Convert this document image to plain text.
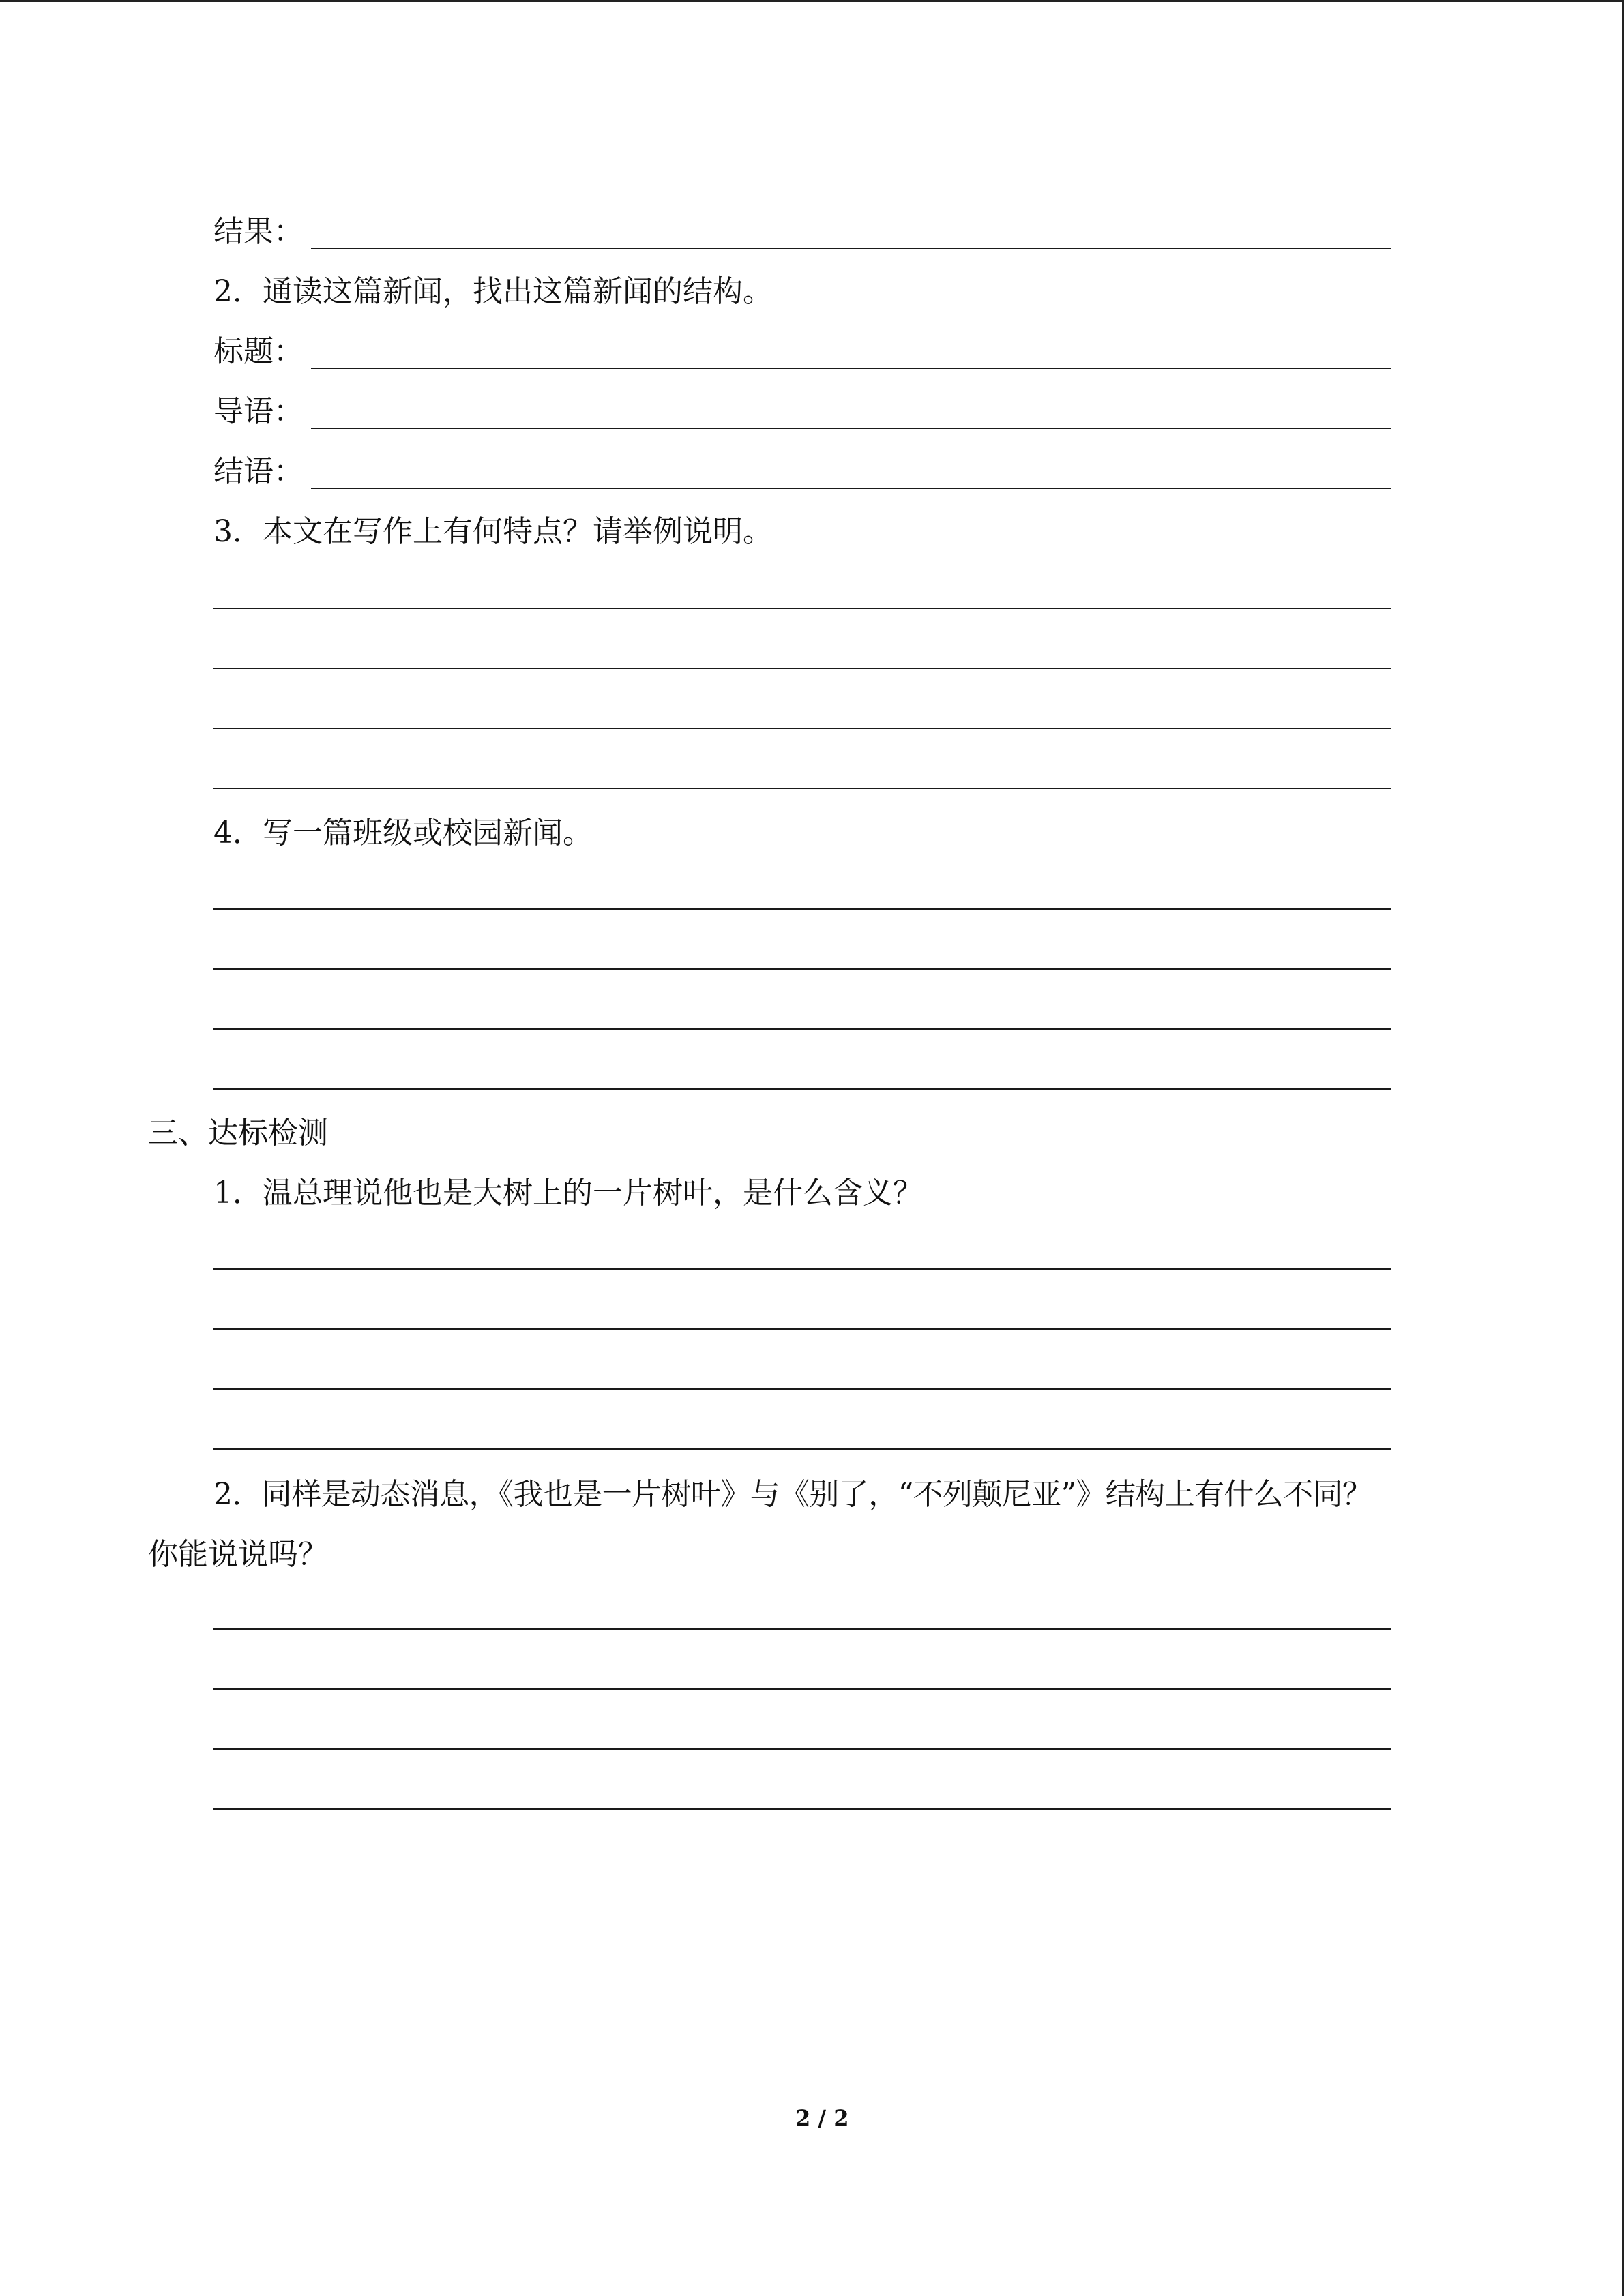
结果：
2．通读这篇新闻，找出这篇新闻的结构。
标题：
导语：
结语：
3．本文在写作上有何特点？请举例说明。
4．写一篇班级或校园新闻。
三、达标检测
1．温总理说他也是大树上的一片树叶，是什么含义？
2．同样是动态消息，《我也是一片树叶》与《别了，“不列颠尼亚”》结构上有什么不同？
你能说说吗？
2 / 2
